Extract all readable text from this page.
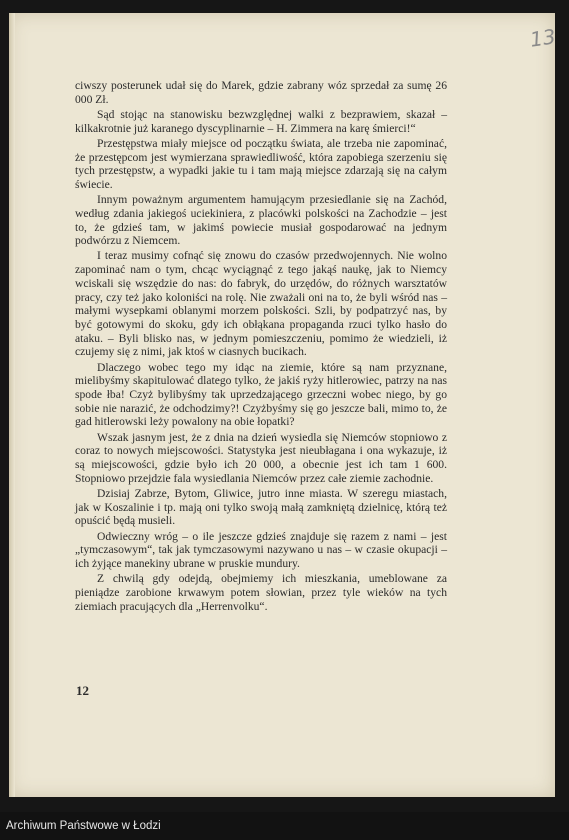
13

ciwszy posterunek udał się do Marek, gdzie zabrany wóz sprzedał za sumę 26 000 Zł.

Sąd stojąc na stanowisku bezwzględnej walki z bezprawiem, skazał – kilkakrotnie już karanego dyscyplinarnie – H. Zimmera na karę śmierci!“

Przestępstwa miały miejsce od początku świata, ale trzeba nie zapominać, że przestępcom jest wymierzana sprawiedliwość, która zapobiega szerzeniu się tych przestępstw, a wypadki jakie tu i tam mają miejsce zdarzają się na całym świecie.

Innym poważnym argumentem hamującym przesiedlanie się na Zachód, według zdania jakiegoś uciekiniera, z placówki polskości na Zachodzie – jest to, że gdzieś tam, w jakimś powiecie musiał gospodarować na jednym podwórzu z Niemcem.

I teraz musimy cofnąć się znowu do czasów przedwojennych. Nie wolno zapominać nam o tym, chcąc wyciągnąć z tego jakąś naukę, jak to Niemcy wciskali się wszędzie do nas: do fabryk, do urzędów, do różnych warsztatów pracy, czy też jako koloniści na rolę. Nie zważali oni na to, że byli wśród nas – małymi wysepkami oblanymi morzem polskości. Szli, by podpatrzyć nas, by być gotowymi do skoku, gdy ich obłąkana propaganda rzuci tylko hasło do ataku. – Byli blisko nas, w jednym pomieszczeniu, pomimo że wiedzieli, iż czujemy się z nimi, jak ktoś w ciasnych bucikach.

Dlaczego wobec tego my idąc na ziemie, które są nam przyznane, mielibyśmy skapitulować dlatego tylko, że jakiś ryży hitlerowiec, patrzy na nas spode łba! Czyż bylibyśmy tak uprzedzającego grzeczni wobec niego, by go sobie nie narazić, że odchodzimy?! Czyżbyśmy się go jeszcze bali, mimo to, że gad hitlerowski leży powalony na obie łopatki?

Wszak jasnym jest, że z dnia na dzień wysiedla się Niemców stopniowo z coraz to nowych miejscowości. Statystyka jest nieubłagana i ona wykazuje, iż są miejscowości, gdzie było ich 20 000, a obecnie jest ich tam 1 600. Stopniowo przejdzie fala wysiedlania Niemców przez całe ziemie zachodnie.

Dzisiaj Zabrze, Bytom, Gliwice, jutro inne miasta. W szeregu miastach, jak w Koszalinie i tp. mają oni tylko swoją małą zamkniętą dzielnicę, którą też opuścić będą musieli.

Odwieczny wróg – o ile jeszcze gdzieś znajduje się razem z nami – jest „tymczasowym“, tak jak tymczasowymi nazywano u nas – w czasie okupacji – ich żyjące manekiny ubrane w pruskie mundury.

Z chwilą gdy odejdą, obejmiemy ich mieszkania, umeblowane za pieniądze zarobione krwawym potem słowian, przez tyle wieków na tych ziemiach pracujących dla „Herrenvolku“.

12
Archiwum Państwowe w Łodzi
